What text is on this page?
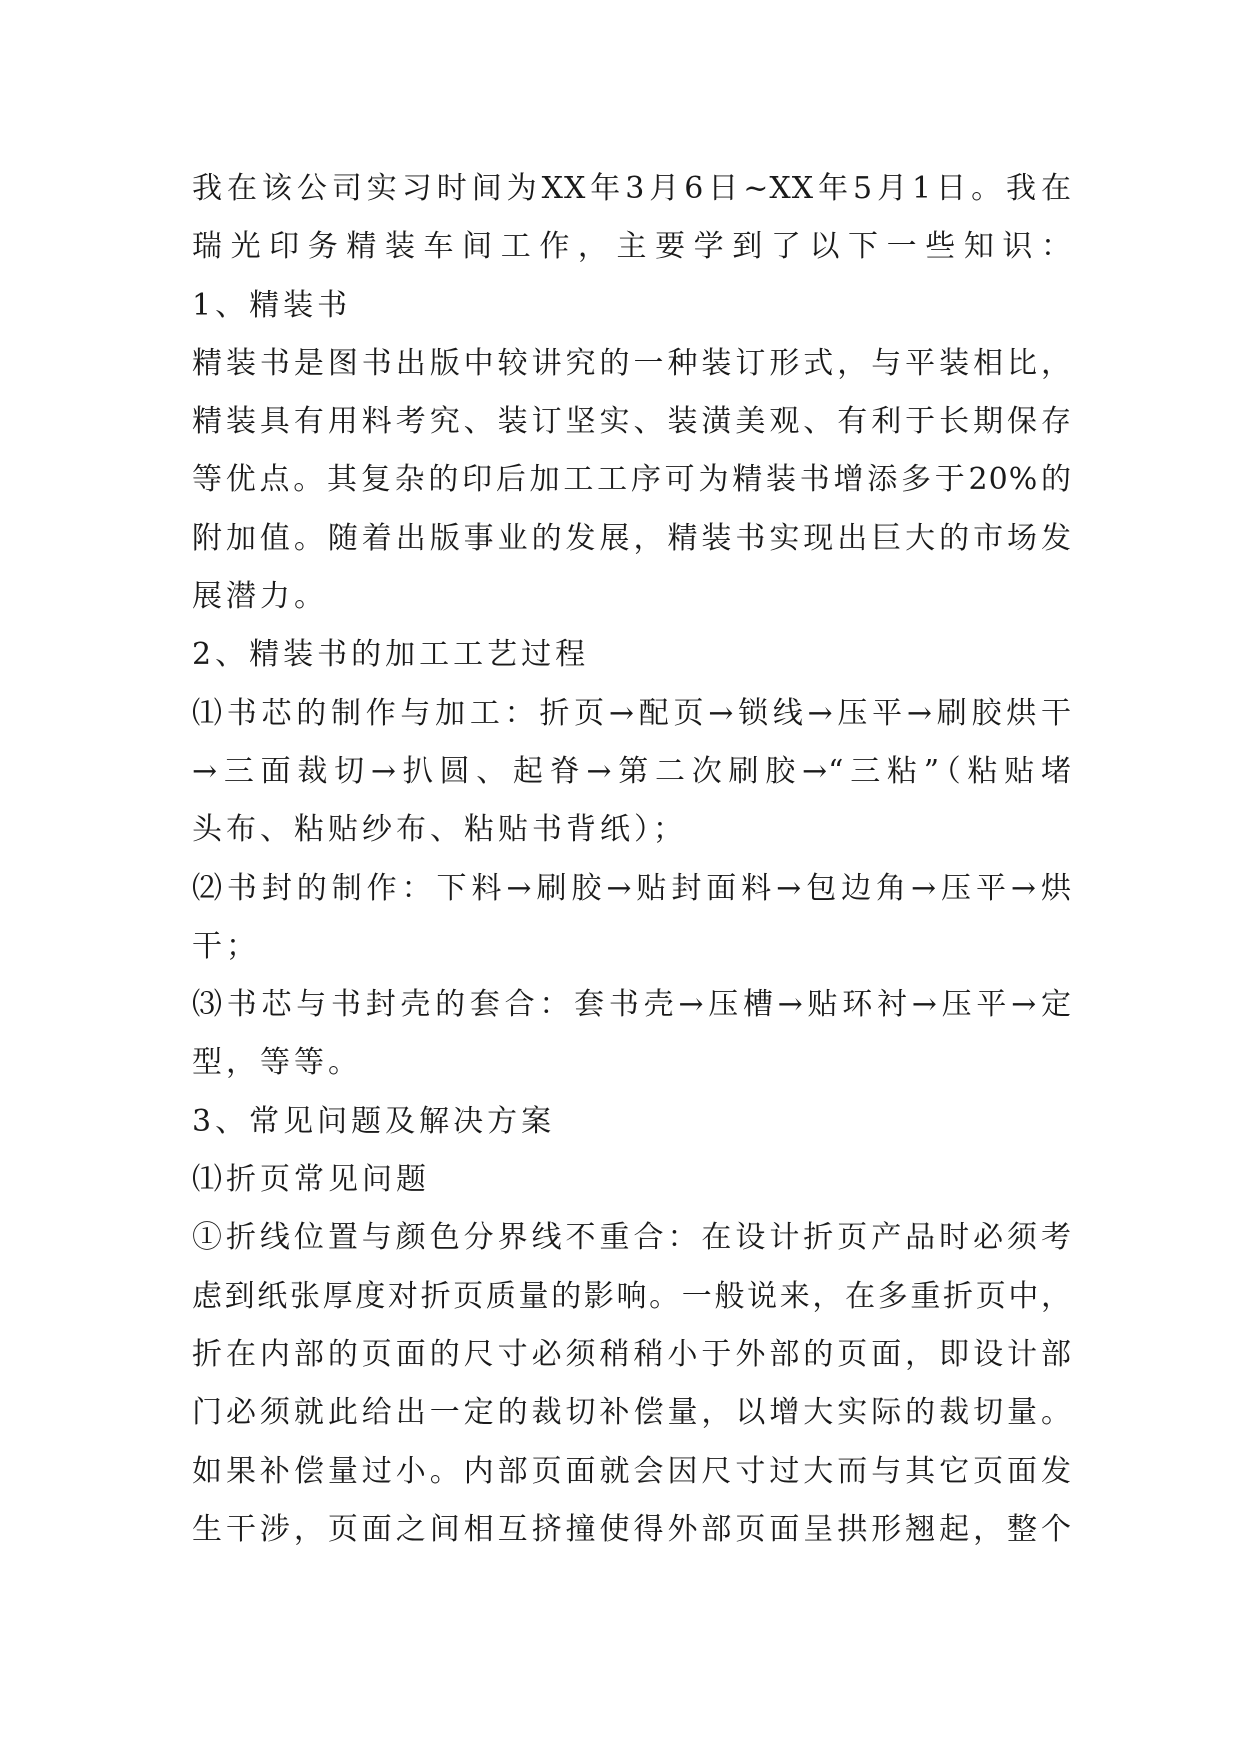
我在该公司实习时间为XX年3月6日~XX年5月1日。我在
瑞光印务精装车间工作，主要学到了以下一些知识：
1、精装书
精装书是图书出版中较讲究的一种装订形式，与平装相比，
精装具有用料考究、装订坚实、装潢美观、有利于长期保存
等优点。其复杂的印后加工工序可为精装书增添多于20%的
附加值。随着出版事业的发展，精装书实现出巨大的市场发
展潜力。
2、精装书的加工工艺过程
⑴书芯的制作与加工：折页→配页→锁线→压平→刷胶烘干
→三面裁切→扒圆、起脊→第二次刷胶→“三粘”（粘贴堵
头布、粘贴纱布、粘贴书背纸）；
⑵书封的制作：下料→刷胶→贴封面料→包边角→压平→烘
干；
⑶书芯与书封壳的套合：套书壳→压槽→贴环衬→压平→定
型，等等。
3、常见问题及解决方案
⑴折页常见问题
①折线位置与颜色分界线不重合：在设计折页产品时必须考
虑到纸张厚度对折页质量的影响。一般说来，在多重折页中，
折在内部的页面的尺寸必须稍稍小于外部的页面，即设计部
门必须就此给出一定的裁切补偿量，以增大实际的裁切量。
如果补偿量过小。内部页面就会因尺寸过大而与其它页面发
生干涉，页面之间相互挤撞使得外部页面呈拱形翘起，整个
